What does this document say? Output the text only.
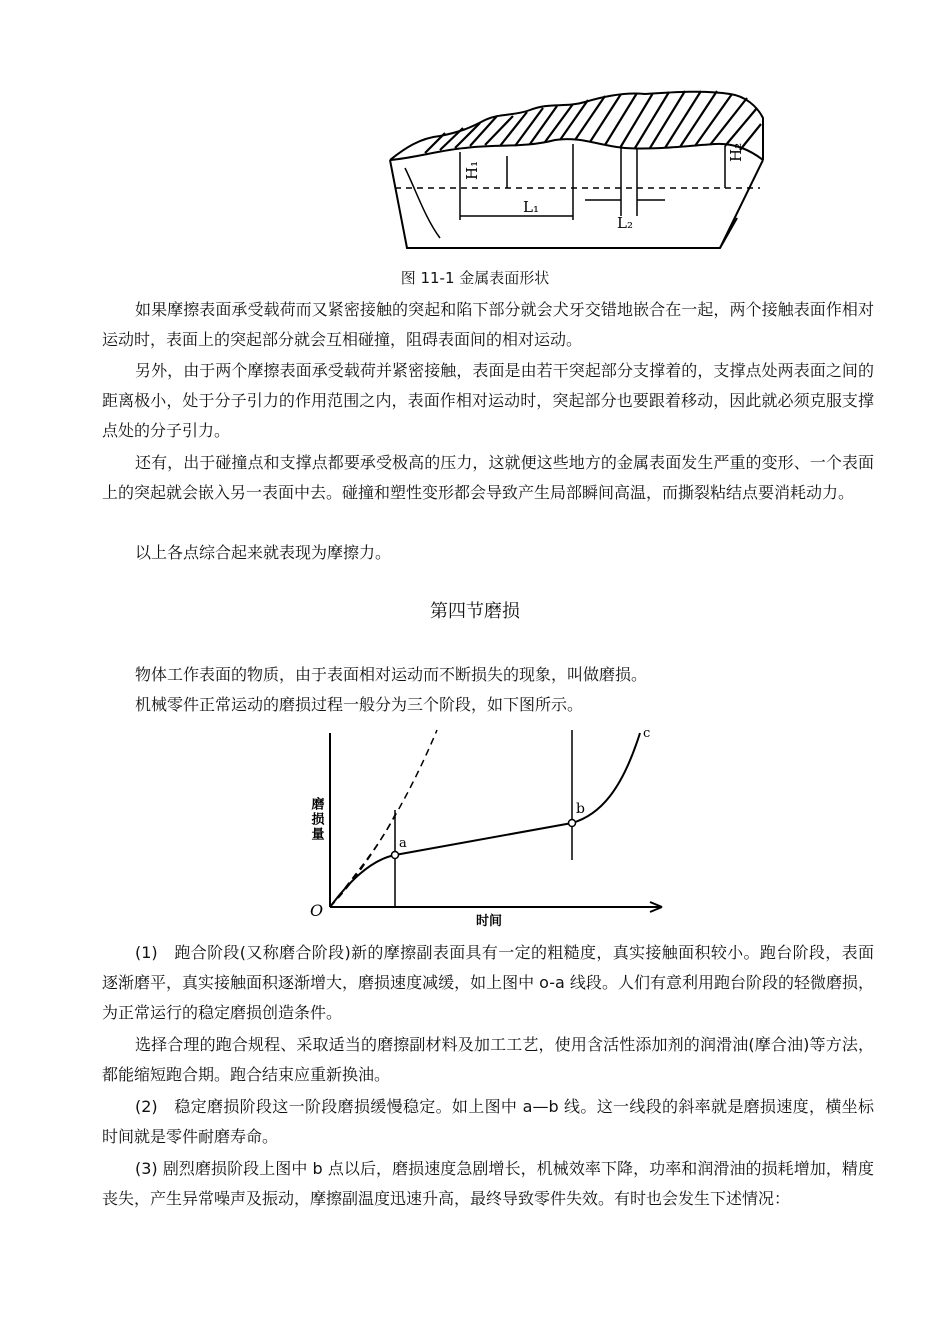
H₁
H₂
L₁
L₂
图 11-1 金属表面形状

如果摩擦表面承受载荷而又紧密接触的突起和陷下部分就会犬牙交错地嵌合在一起，两个接触表面作相对运动时，表面上的突起部分就会互相碰撞，阻碍表面间的相对运动。

另外，由于两个摩擦表面承受载荷并紧密接触，表面是由若干突起部分支撑着的，支撑点处两表面之间的距离极小，处于分子引力的作用范围之内，表面作相对运动时，突起部分也要跟着移动，因此就必须克服支撑点处的分子引力。

还有，出于碰撞点和支撑点都要承受极高的压力，这就便这些地方的金属表面发生严重的变形、一个表面上的突起就会嵌入另一表面中去。碰撞和塑性变形都会导致产生局部瞬间高温，而撕裂粘结点要消耗动力。

以上各点综合起来就表现为摩擦力。

第四节磨损

物体工作表面的物质，由于表面相对运动而不断损失的现象，叫做磨损。

机械零件正常运动的磨损过程一般分为三个阶段，如下图所示。

a
b
c
O
磨损量
时间

(1)　跑合阶段(又称磨合阶段)新的摩擦副表面具有一定的粗糙度，真实接触面积较小。跑台阶段，表面逐渐磨平，真实接触面积逐渐增大，磨损速度减缓，如上图中 o-a 线段。人们有意利用跑台阶段的轻微磨损，为正常运行的稳定磨损创造条件。

选择合理的跑合规程、采取适当的磨擦副材料及加工工艺，使用含活性添加剂的润滑油(摩合油)等方法，都能缩短跑合期。跑合结束应重新换油。

(2)　稳定磨损阶段这一阶段磨损缓慢稳定。如上图中 a—b 线。这一线段的斜率就是磨损速度，横坐标时间就是零件耐磨寿命。

(3) 剧烈磨损阶段上图中 b 点以后，磨损速度急剧增长，机械效率下降，功率和润滑油的损耗增加，精度丧失，产生异常噪声及振动，摩擦副温度迅速升高，最终导致零件失效。有时也会发生下述情况：
